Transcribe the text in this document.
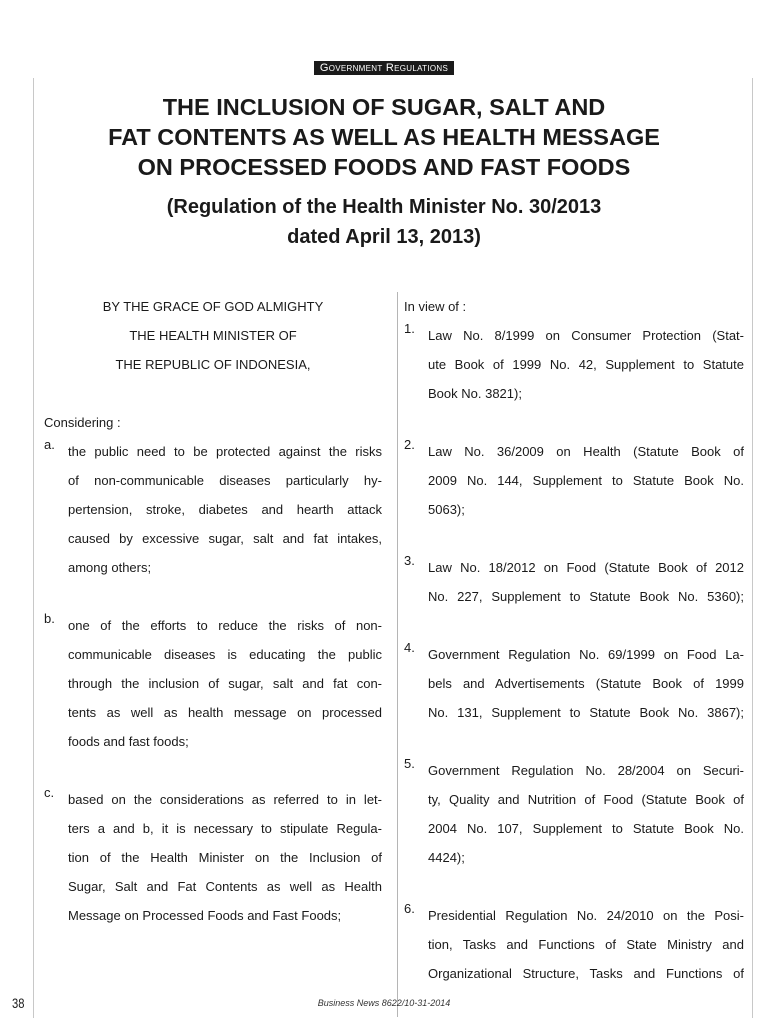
Government Regulations
THE INCLUSION OF SUGAR, SALT AND
FAT CONTENTS AS WELL AS HEALTH MESSAGE
ON PROCESSED FOODS AND FAST FOODS
(Regulation of the Health Minister No. 30/2013
dated April 13, 2013)
BY THE GRACE OF GOD ALMIGHTY
THE HEALTH MINISTER OF
THE REPUBLIC OF INDONESIA,
Considering :
a.	the public need to be protected against the risks
of non-communicable diseases particularly hy-
pertension, stroke, diabetes and hearth attack
caused by excessive sugar, salt and fat intakes,
among others;
b.	one of the efforts to reduce the risks of non-
communicable diseases is educating the public
through the inclusion of sugar, salt and fat con-
tents as well as health message on processed
foods and fast foods;
c.	based on the considerations as referred to in let-
ters a and b, it is necessary to stipulate Regula-
tion of the Health Minister on the Inclusion of
Sugar, Salt and Fat Contents as well as Health
Message on Processed Foods and Fast Foods;
In view of :
1.	Law No. 8/1999 on Consumer Protection (Stat-
ute Book of 1999 No. 42, Supplement to Statute
Book No. 3821);
2.	Law No. 36/2009 on Health (Statute Book of
2009 No. 144, Supplement to Statute Book No.
5063);
3.	Law No. 18/2012 on Food (Statute Book of 2012
No. 227, Supplement to Statute Book No. 5360);
4.	Government Regulation No. 69/1999 on Food La-
bels and Advertisements (Statute Book of 1999
No. 131, Supplement to Statute Book No. 3867);
5.	Government Regulation No. 28/2004 on Securi-
ty, Quality and Nutrition of Food (Statute Book of
2004 No. 107, Supplement to Statute Book No.
4424);
6.	Presidential Regulation No. 24/2010 on the Posi-
tion, Tasks and Functions of State Ministry and
Organizational Structure, Tasks and Functions of
38	Business News 8622/10-31-2014
